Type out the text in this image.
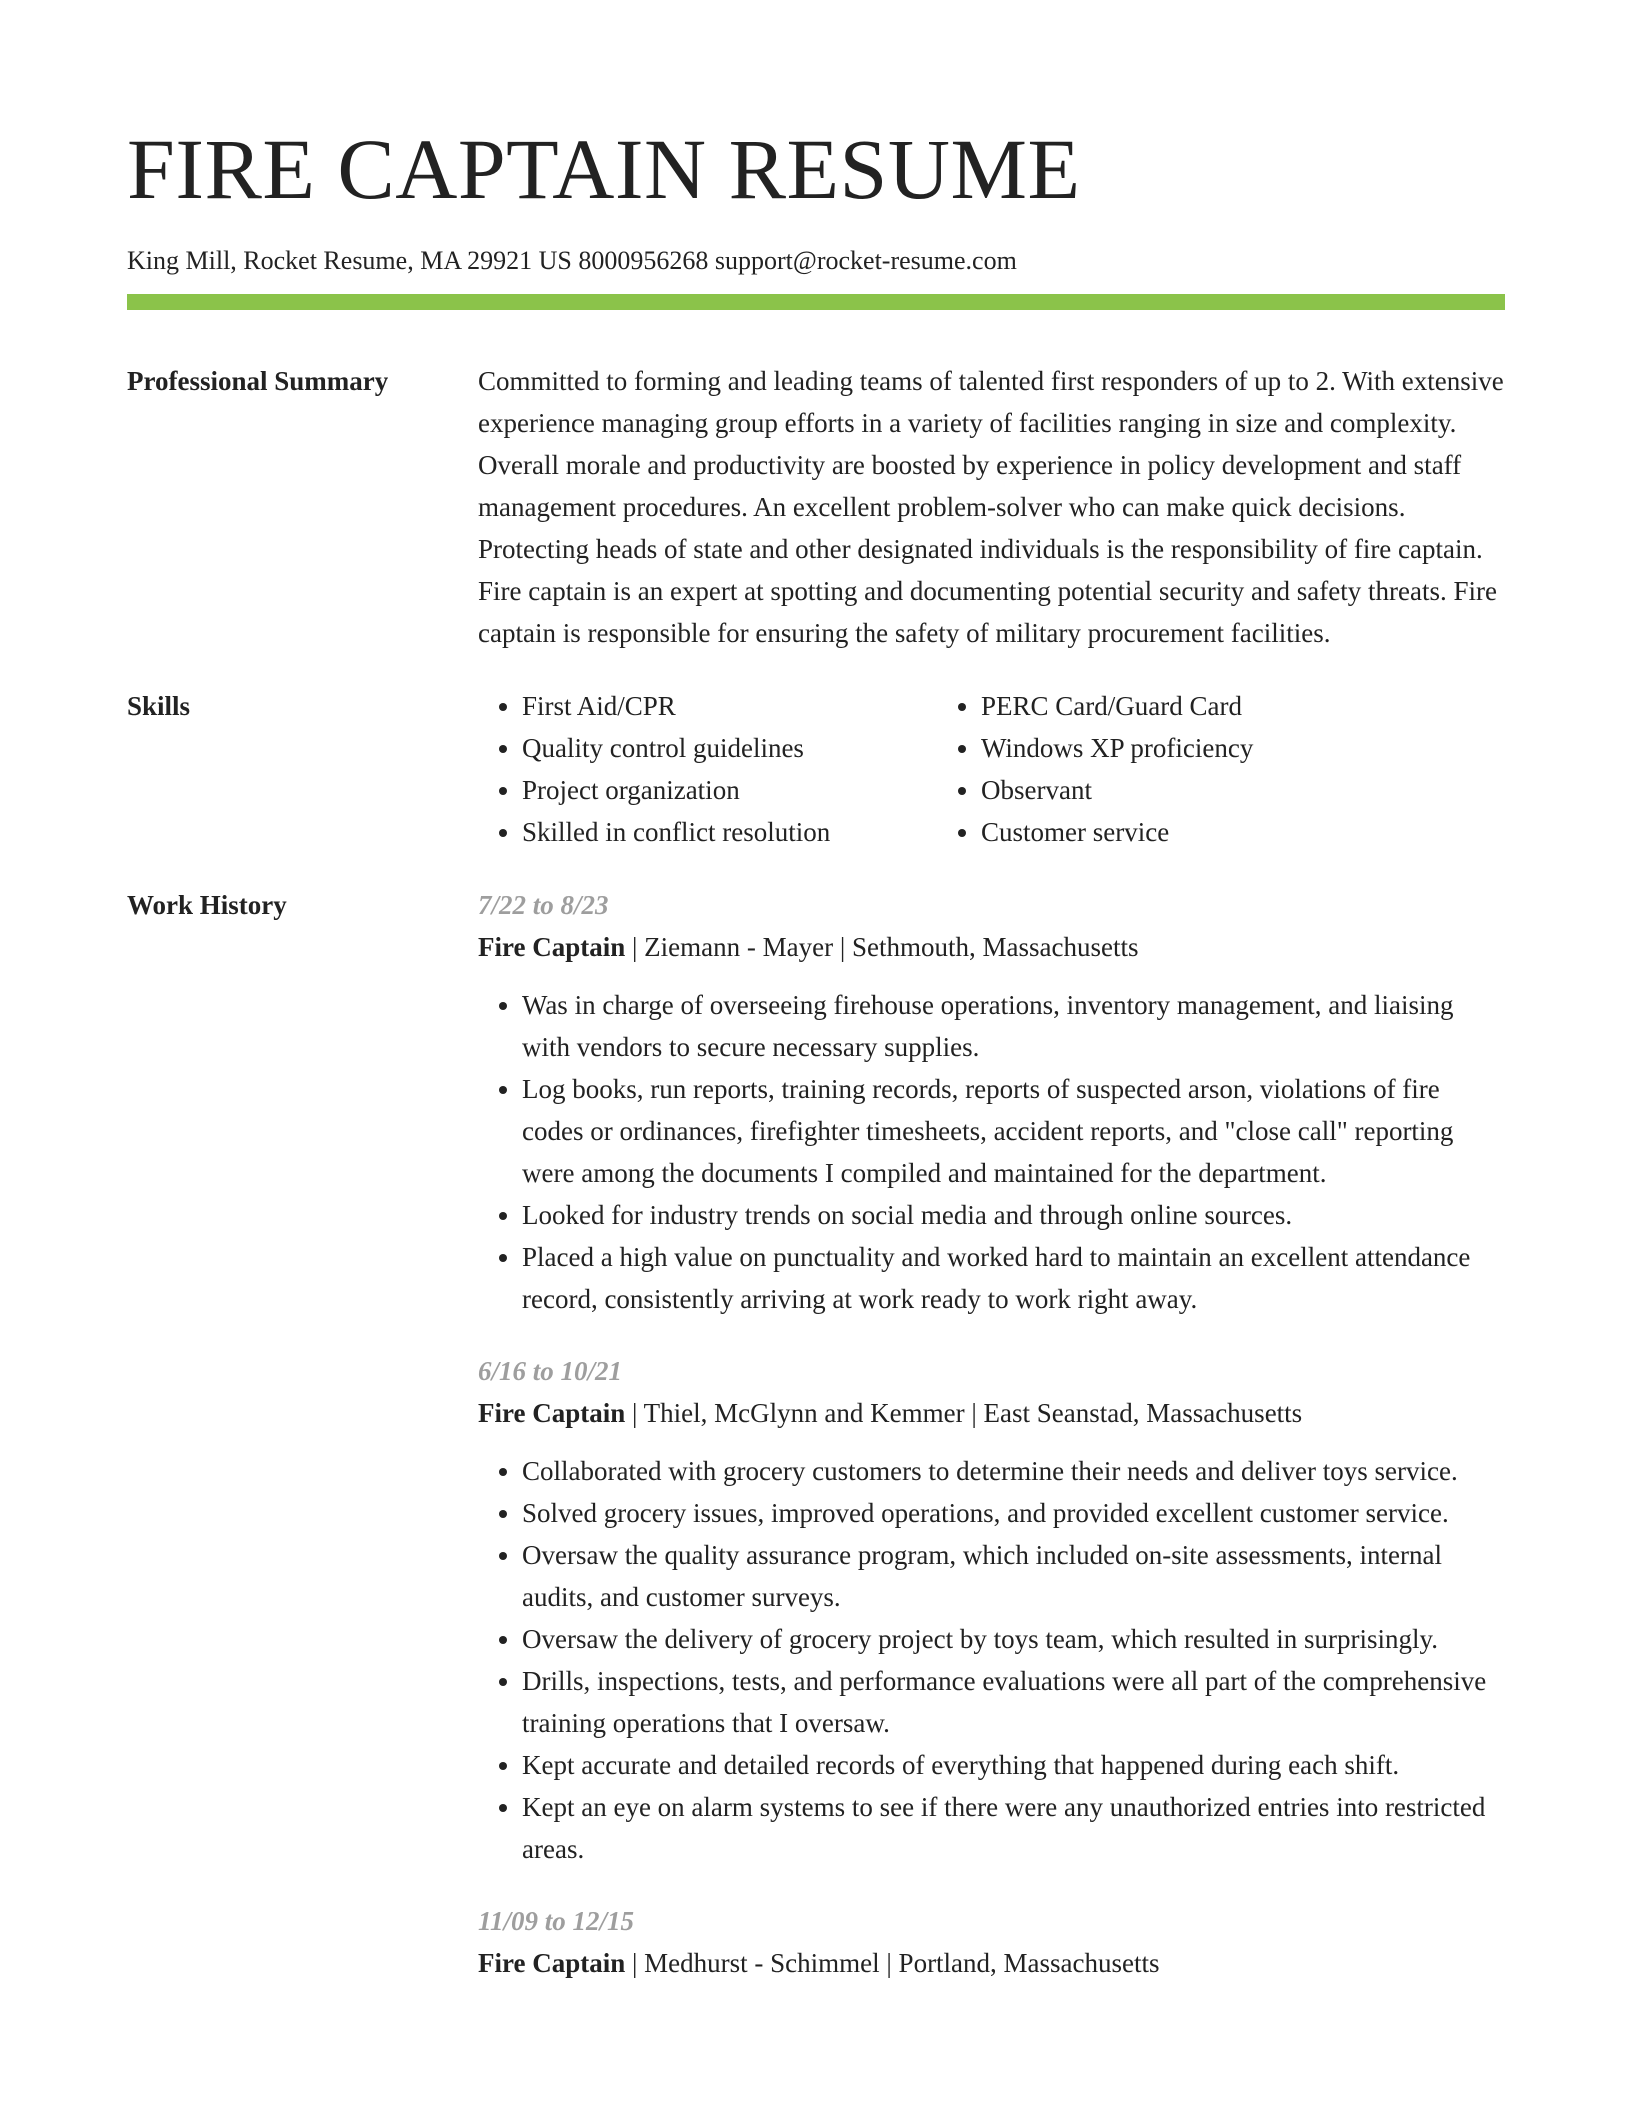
FIRE CAPTAIN RESUME
King Mill, Rocket Resume, MA 29921 US 8000956268 support@rocket-resume.com
Professional Summary	Committed to forming and leading teams of talented first responders of up to 2. With extensive experience managing group efforts in a variety of facilities ranging in size and complexity. Overall morale and productivity are boosted by experience in policy development and staff management procedures. An excellent problem-solver who can make quick decisions. Protecting heads of state and other designated individuals is the responsibility of fire captain. Fire captain is an expert at spotting and documenting potential security and safety threats. Fire captain is responsible for ensuring the safety of military procurement facilities.
Skills
•	First Aid/CPR
• Quality control guidelines
• Project organization
• Skilled in conflict resolution
• PERC Card/Guard Card
• Windows XP proficiency
• Observant
• Customer service
Work History	7/22 to 8/23
Fire Captain | Ziemann - Mayer | Sethmouth, Massachusetts
• Was in charge of overseeing firehouse operations, inventory management, and liaising with vendors to secure necessary supplies.
• Log books, run reports, training records, reports of suspected arson, violations of fire codes or ordinances, firefighter timesheets, accident reports, and "close call" reporting were among the documents I compiled and maintained for the department.
• Looked for industry trends on social media and through online sources.
• Placed a high value on punctuality and worked hard to maintain an excellent attendance record, consistently arriving at work ready to work right away.
6/16 to 10/21
Fire Captain | Thiel, McGlynn and Kemmer | East Seanstad, Massachusetts
• Collaborated with grocery customers to determine their needs and deliver toys service.
• Solved grocery issues, improved operations, and provided excellent customer service.
• Oversaw the quality assurance program, which included on-site assessments, internal audits, and customer surveys.
• Oversaw the delivery of grocery project by toys team, which resulted in surprisingly.
• Drills, inspections, tests, and performance evaluations were all part of the comprehensive training operations that I oversaw.
• Kept accurate and detailed records of everything that happened during each shift.
• Kept an eye on alarm systems to see if there were any unauthorized entries into restricted areas.
11/09 to 12/15
Fire Captain | Medhurst - Schimmel | Portland, Massachusetts
